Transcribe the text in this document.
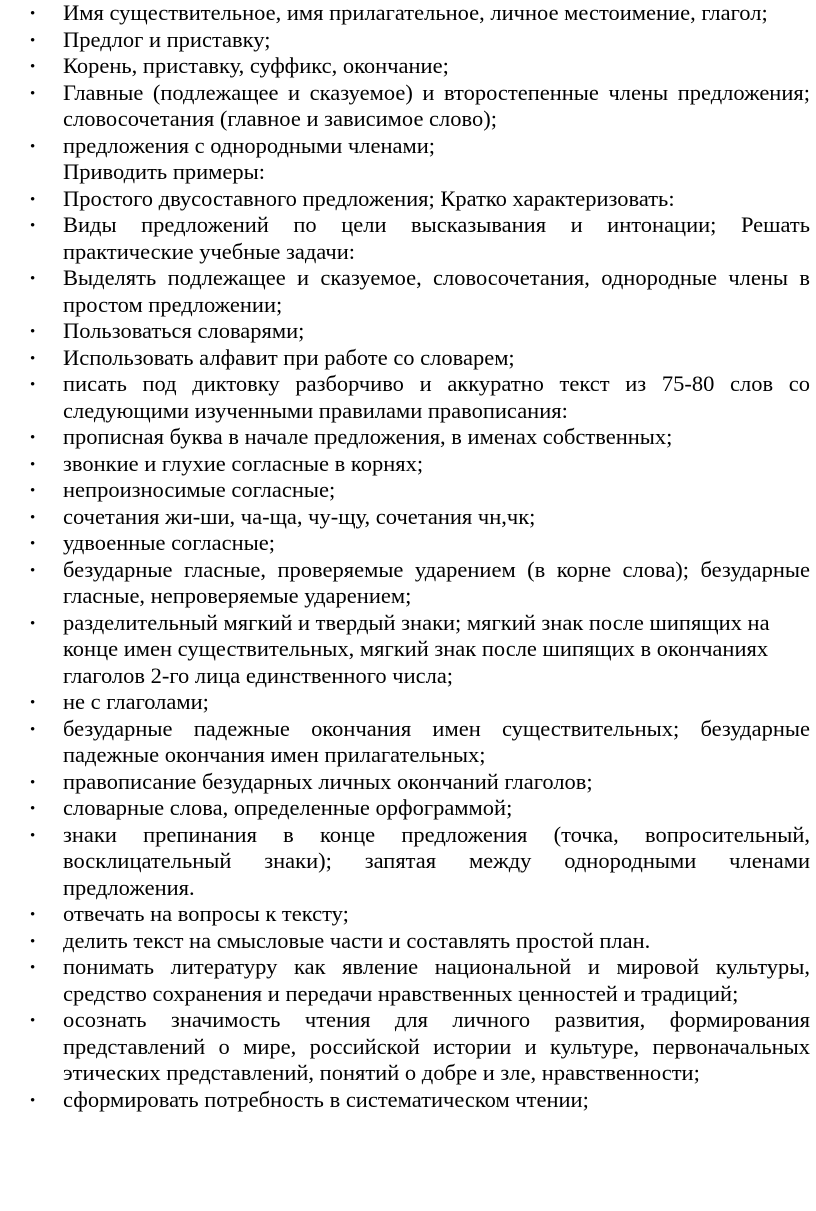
• Имя существительное, имя прилагательное, личное местоимение, глагол;

• Предлог и приставку;

• Корень, приставку, суффикс, окончание;

• Главные (подлежащее и сказуемое) и второстепенные члены предложения; словосочетания (главное и зависимое слово);

• предложения с однородными членами;

Приводить примеры:

• Простого двусоставного предложения; Кратко характеризовать:

• Виды предложений по цели высказывания и интонации; Решать практические учебные задачи:

• Выделять подлежащее и сказуемое, словосочетания, однородные члены в простом предложении;

• Пользоваться словарями;

• Использовать алфавит при работе со словарем;

• писать под диктовку разборчиво и аккуратно текст из 75-80 слов со следующими изученными правилами правописания:

• прописная буква в начале предложения, в именах собственных;

• звонкие и глухие согласные в корнях;

• непроизносимые согласные;

• сочетания жи-ши, ча-ща, чу-щу, сочетания чн,чк;

• удвоенные согласные;

• безударные гласные, проверяемые ударением (в корне слова); безударные гласные, непроверяемые ударением;

• разделительный мягкий и твердый знаки; мягкий знак после шипящих на конце имен существительных, мягкий знак после шипящих в окончаниях глаголов 2-го лица единственного числа;

• не с глаголами;

• безударные падежные окончания имен существительных; безударные падежные окончания имен прилагательных;

• правописание безударных личных окончаний глаголов;

• словарные слова, определенные орфограммой;

• знаки препинания в конце предложения (точка, вопросительный, восклицательный знаки); запятая между однородными членами предложения.

• отвечать на вопросы к тексту;

• делить текст на смысловые части и составлять простой план.

• понимать литературу как явление национальной и мировой культуры, средство сохранения и передачи нравственных ценностей и традиций;

• осознать значимость чтения для личного развития, формирования представлений о мире, российской истории и культуре, первоначальных этических представлений, понятий о добре и зле, нравственности;

• сформировать потребность в систематическом чтении;
